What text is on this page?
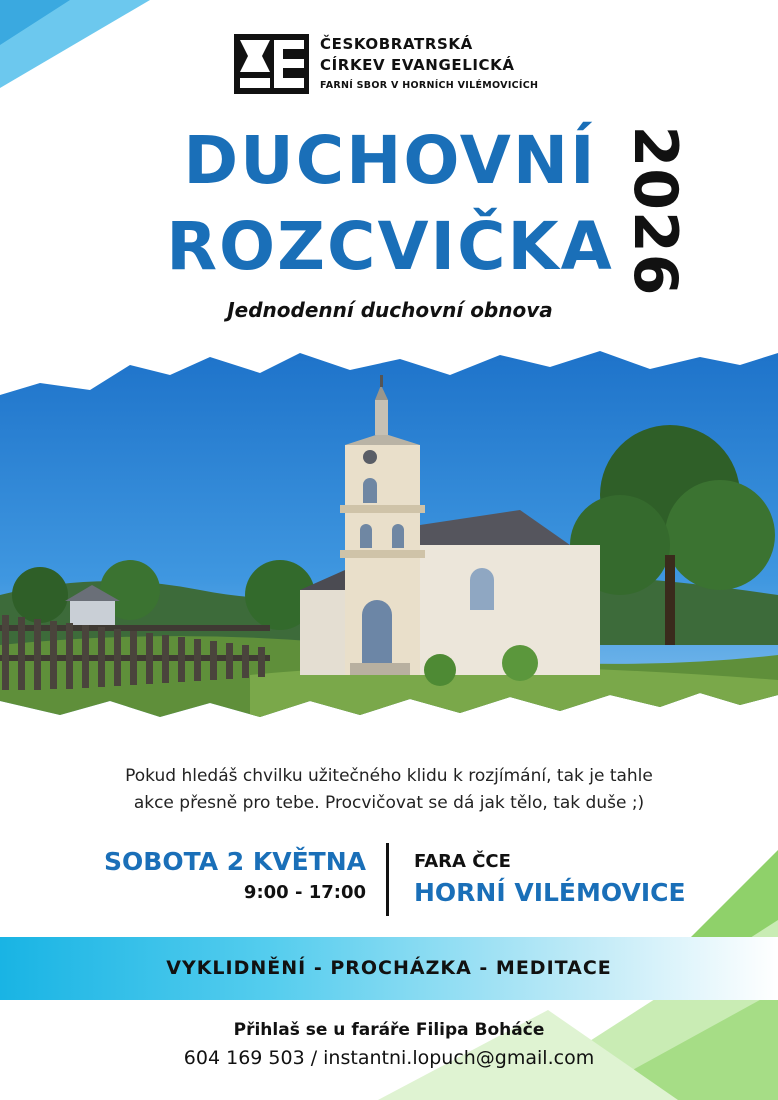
ČESKOBRATRSKÁ
CÍRKEV EVANGELICKÁ
FARNÍ SBOR V HORNÍCH VILÉMOVICÍCH
DUCHOVNÍ
ROZCVIČKA 2026
Jednodenní duchovní obnova
Pokud hledáš chvilku užitečného klidu k rozjímání, tak je tahle
akce přesně pro tebe. Procvičovat se dá jak tělo, tak duše ;)
SOBOTA 2 KVĚTNA
9:00 - 17:00
FARA ČCE
HORNÍ VILÉMOVICE
VYKLIDNĚNÍ - PROCHÁZKA - MEDITACE
Přihlaš se u faráře Filipa Boháče
604 169 503 / instantni.lopuch@gmail.com
